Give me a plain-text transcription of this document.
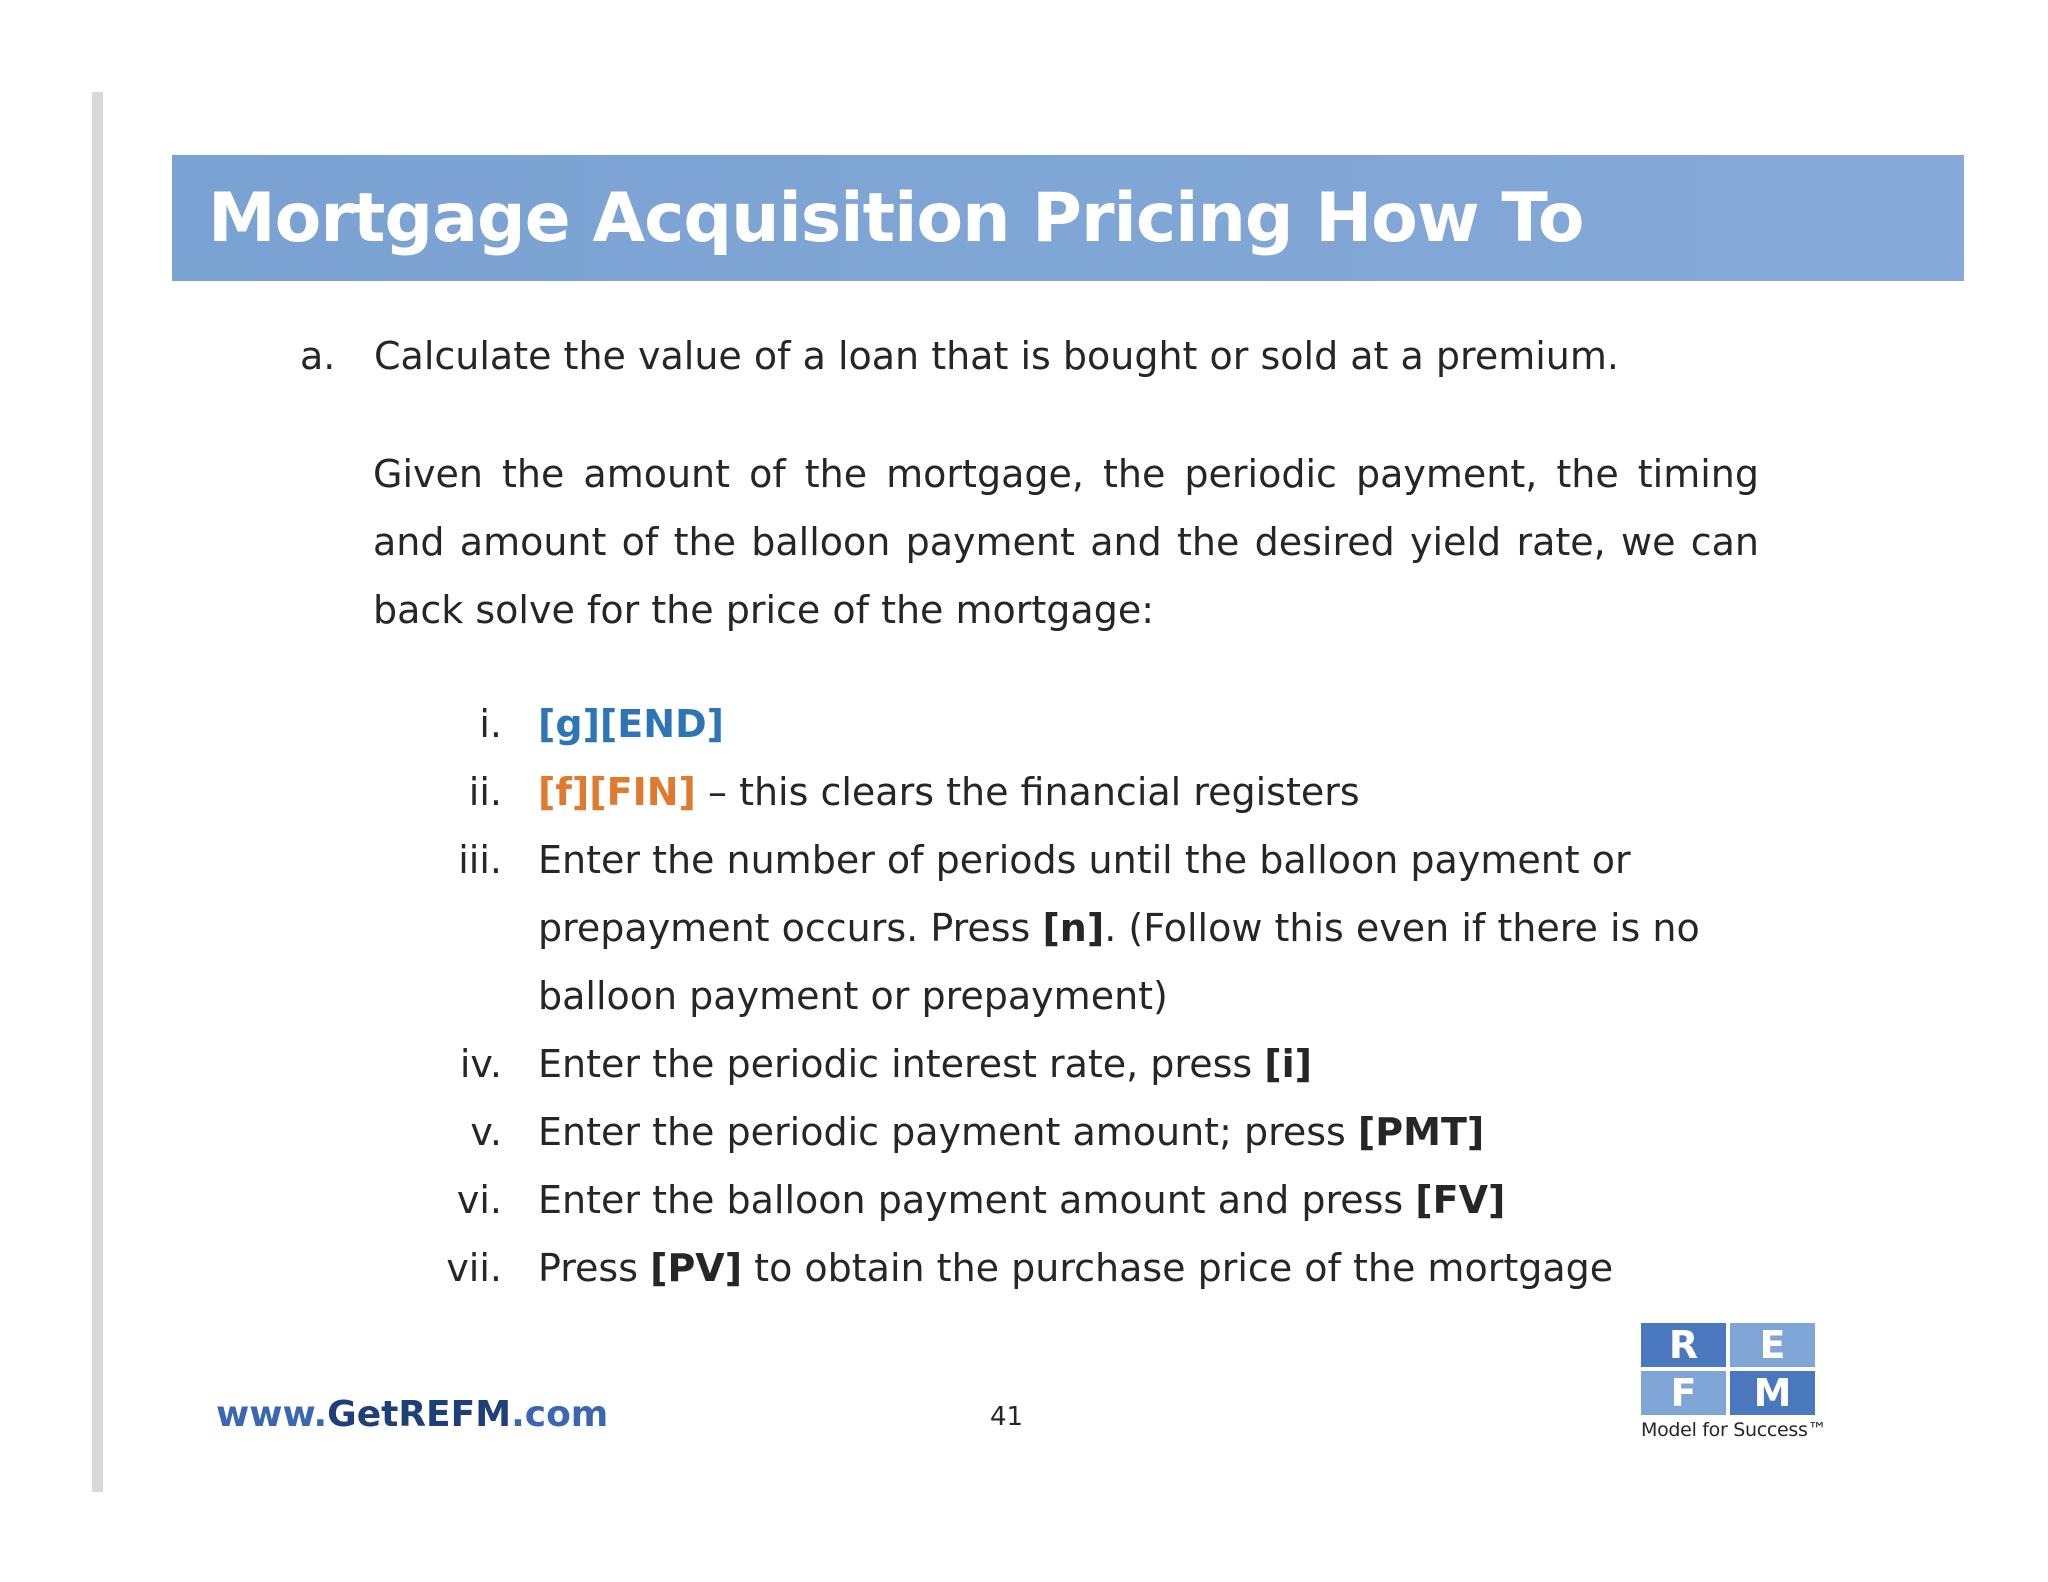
Mortgage Acquisition Pricing How To
a.	Calculate the value of a loan that is bought or sold at a premium.
Given the amount of the mortgage, the periodic payment, the timing and amount of the balloon payment and the desired yield rate, we can back solve for the price of the mortgage:
i. [g][END]
ii. [f][FIN] – this clears the financial registers
iii. Enter the number of periods until the balloon payment or prepayment occurs. Press [n]. (Follow this even if there is no balloon payment or prepayment)
iv. Enter the periodic interest rate, press [i]
v. Enter the periodic payment amount; press [PMT]
vi. Enter the balloon payment amount and press [FV]
vii. Press [PV] to obtain the purchase price of the mortgage
www.GetREFM.com	41
R	E
F	M
Model for Success™
